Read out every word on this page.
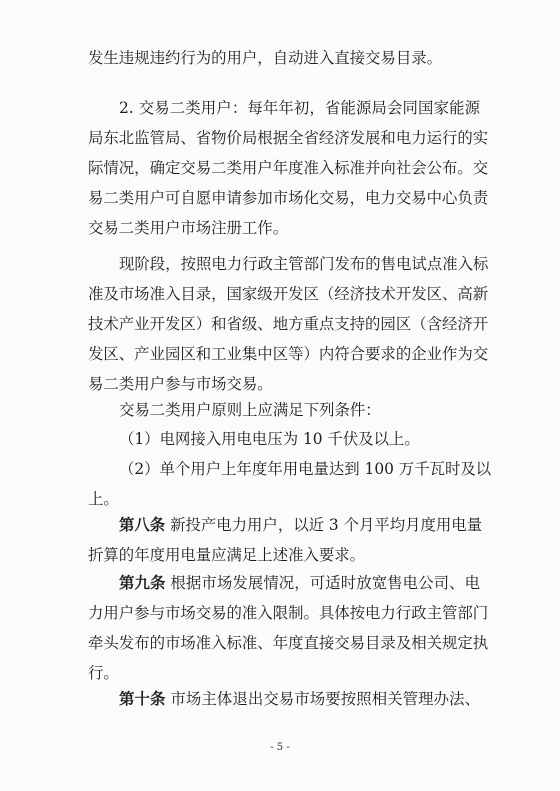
发生违规违约行为的用户，自动进入直接交易目录。
2. 交易二类用户：每年年初，省能源局会同国家能源
局东北监管局、省物价局根据全省经济发展和电力运行的实
际情况，确定交易二类用户年度准入标准并向社会公布。交
易二类用户可自愿申请参加市场化交易，电力交易中心负责
交易二类用户市场注册工作。
现阶段，按照电力行政主管部门发布的售电试点准入标
准及市场准入目录，国家级开发区（经济技术开发区、高新
技术产业开发区）和省级、地方重点支持的园区（含经济开
发区、产业园区和工业集中区等）内符合要求的企业作为交
易二类用户参与市场交易。
交易二类用户原则上应满足下列条件：
（1）电网接入用电电压为 10 千伏及以上。
（2）单个用户上年度年用电量达到 100 万千瓦时及以
上。
第八条 新投产电力用户，以近 3 个月平均月度用电量
折算的年度用电量应满足上述准入要求。
第九条 根据市场发展情况，可适时放宽售电公司、电
力用户参与市场交易的准入限制。具体按电力行政主管部门
牵头发布的市场准入标准、年度直接交易目录及相关规定执
行。
第十条 市场主体退出交易市场要按照相关管理办法、
- 5 -
